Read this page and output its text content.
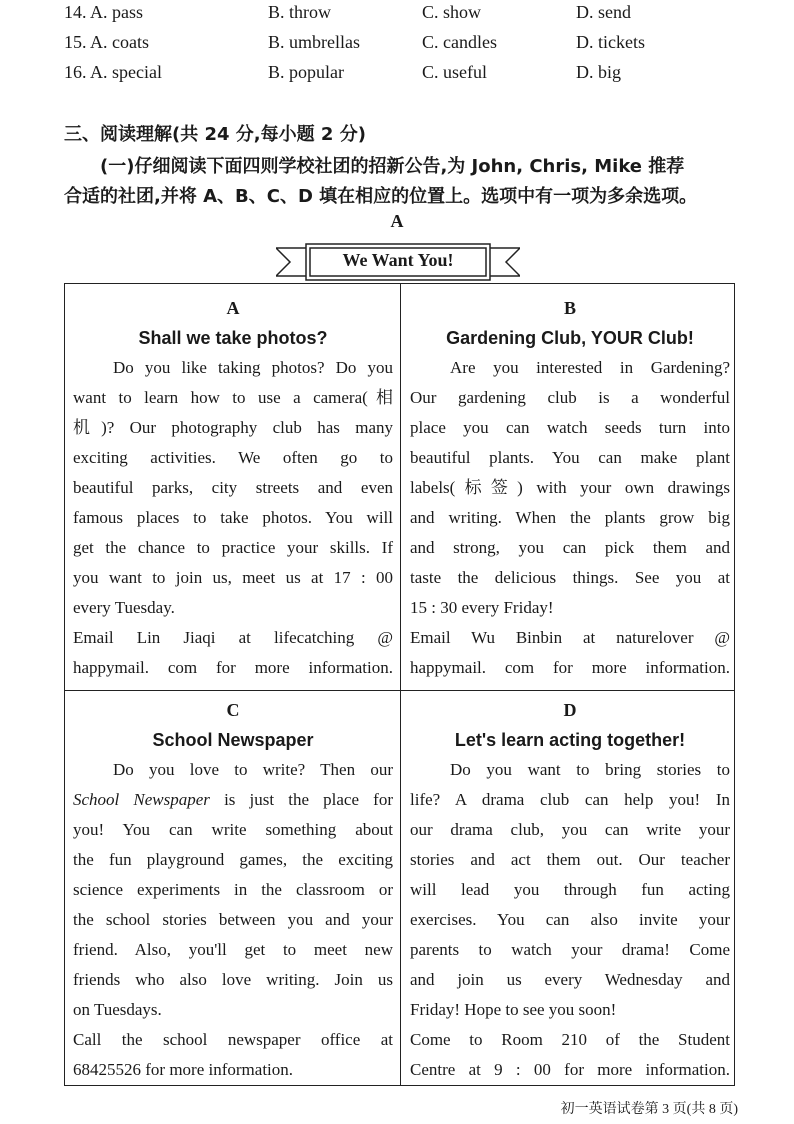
14. A. pass	B. throw	C. show	D. send
15. A. coats	B. umbrellas	C. candles	D. tickets
16. A. special	B. popular	C. useful	D. big
三、阅读理解(共 24 分,每小题 2 分)
(一)仔细阅读下面四则学校社团的招新公告,为 John, Chris, Mike 推荐
合适的社团,并将 A、B、C、D 填在相应的位置上。选项中有一项为多余选项。
A
We Want You!
A
Shall we take photos?
Do you like taking photos? Do you
want to learn how to use a camera(相
机)? Our photography club has many
exciting activities. We often go to
beautiful parks, city streets and even
famous places to take photos. You will
get the chance to practice your skills. If
you want to join us, meet us at 17 : 00
every Tuesday.
Email Lin Jiaqi at lifecatching @
happymail. com for more information.
B
Gardening Club, YOUR Club!
Are you interested in Gardening?
Our gardening club is a wonderful
place you can watch seeds turn into
beautiful plants. You can make plant
labels(标签) with your own drawings
and writing. When the plants grow big
and strong, you can pick them and
taste the delicious things. See you at
15 : 30 every Friday!
Email Wu Binbin at naturelover @
happymail. com for more information.
C
School Newspaper
Do you love to write? Then our
School Newspaper is just the place for
you! You can write something about
the fun playground games, the exciting
science experiments in the classroom or
the school stories between you and your
friend. Also, you'll get to meet new
friends who also love writing. Join us
on Tuesdays.
Call the school newspaper office at
68425526 for more information.
D
Let's learn acting together!
Do you want to bring stories to
life? A drama club can help you! In
our drama club, you can write your
stories and act them out. Our teacher
will lead you through fun acting
exercises. You can also invite your
parents to watch your drama! Come
and join us every Wednesday and
Friday! Hope to see you soon!
Come to Room 210 of the Student
Centre at 9 : 00 for more information.
初一英语试卷第 3 页(共 8 页)
